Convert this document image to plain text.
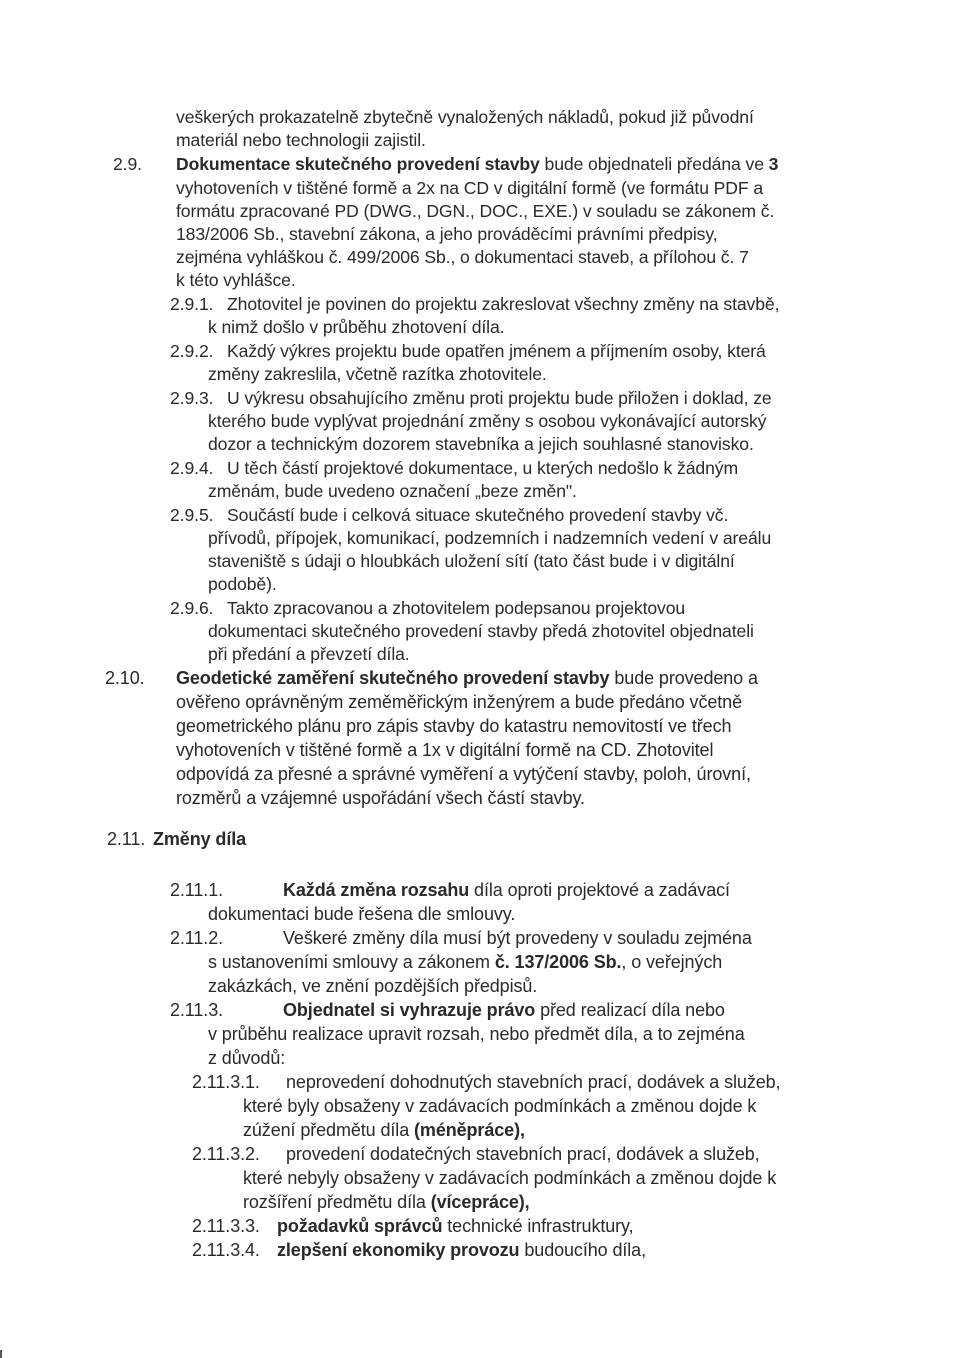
veškerých prokazatelně zbytečně vynaložených nákladů, pokud již původní
materiál nebo technologii zajistil.
2.9. Dokumentace skutečného provedení stavby bude objednateli předána ve 3
vyhotoveních v tištěné formě a 2x na CD v digitální formě (ve formátu PDF a
formátu zpracované PD (DWG., DGN., DOC., EXE.) v souladu se zákonem č.
183/2006 Sb., stavební zákona, a jeho prováděcími právními předpisy,
zejména vyhláškou č. 499/2006 Sb., o dokumentaci staveb, a přílohou č. 7
k této vyhlášce.
2.9.1. Zhotovitel je povinen do projektu zakreslovat všechny změny na stavbě,
k nimž došlo v průběhu zhotovení díla.
2.9.2. Každý výkres projektu bude opatřen jménem a příjmením osoby, která
změny zakreslila, včetně razítka zhotovitele.
2.9.3. U výkresu obsahujícího změnu proti projektu bude přiložen i doklad, ze
kterého bude vyplývat projednání změny s osobou vykonávající autorský
dozor a technickým dozorem stavebníka a jejich souhlasné stanovisko.
2.9.4. U těch částí projektové dokumentace, u kterých nedošlo k žádným
změnám, bude uvedeno označení „beze změn".
2.9.5. Součástí bude i celková situace skutečného provedení stavby vč.
přívodů, přípojek, komunikací, podzemních i nadzemních vedení v areálu
staveniště s údaji o hloubkách uložení sítí (tato část bude i v digitální
podobě).
2.9.6. Takto zpracovanou a zhotovitelem podepsanou projektovou
dokumentaci skutečného provedení stavby předá zhotovitel objednateli
při předání a převzetí díla.
2.10. Geodetické zaměření skutečného provedení stavby bude provedeno a
ověřeno oprávněným zeměměřickým inženýrem a bude předáno včetně
geometrického plánu pro zápis stavby do katastru nemovitostí ve třech
vyhotoveních v tištěné formě a 1x v digitální formě na CD. Zhotovitel
odpovídá za přesné a správné vyměření a vytýčení stavby, poloh, úrovní,
rozměrů a vzájemné uspořádání všech částí stavby.
2.11. Změny díla
2.11.1.	Každá změna rozsahu díla oproti projektové a zadávací
dokumentaci bude řešena dle smlouvy.
2.11.2.	Veškeré změny díla musí být provedeny v souladu zejména
s ustanoveními smlouvy a zákonem č. 137/2006 Sb., o veřejných
zakázkách, ve znění pozdějších předpisů.
2.11.3.	Objednatel si vyhrazuje právo před realizací díla nebo
v průběhu realizace upravit rozsah, nebo předmět díla, a to zejména
z důvodů:
2.11.3.1. neprovedení dohodnutých stavebních prací, dodávek a služeb,
které byly obsaženy v zadávacích podmínkách a změnou dojde k
zúžení předmětu díla (méněpráce),
2.11.3.2. provedení dodatečných stavebních prací, dodávek a služeb,
které nebyly obsaženy v zadávacích podmínkách a změnou dojde k
rozšíření předmětu díla (vícepráce),
2.11.3.3. požadavků správců technické infrastruktury,
2.11.3.4. zlepšení ekonomiky provozu budoucího díla,
